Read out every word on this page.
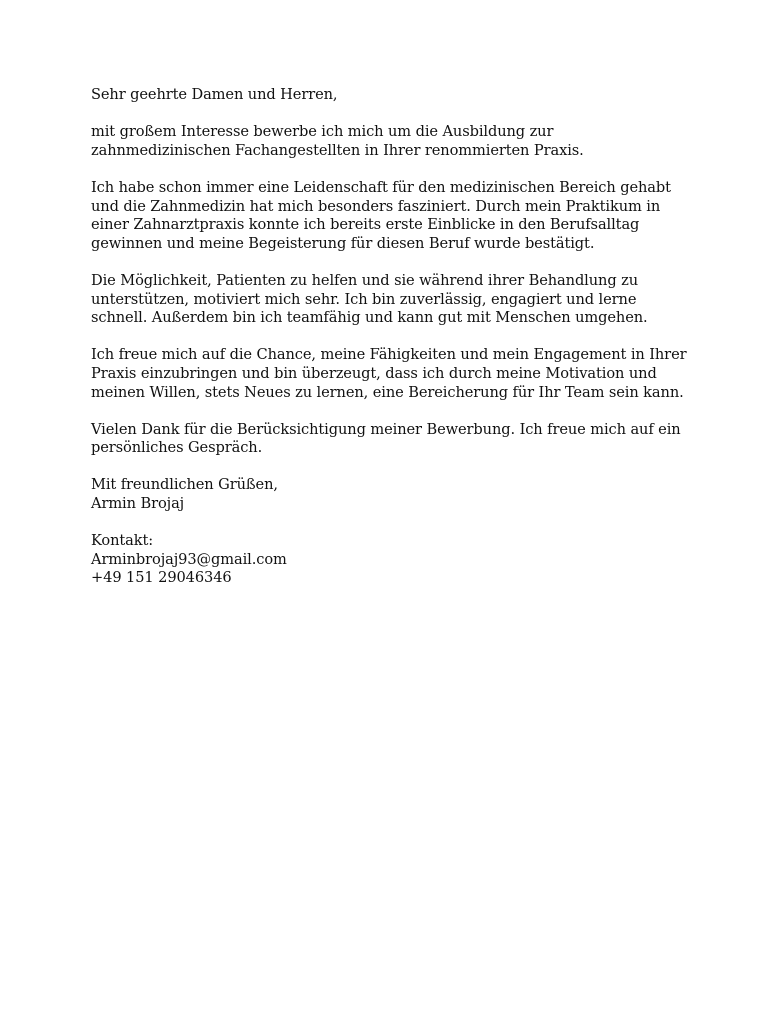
Sehr geehrte Damen und Herren,
mit großem Interesse bewerbe ich mich um die Ausbildung zur
zahnmedizinischen Fachangestellten in Ihrer renommierten Praxis.
Ich habe schon immer eine Leidenschaft für den medizinischen Bereich gehabt
und die Zahnmedizin hat mich besonders fasziniert. Durch mein Praktikum in
einer Zahnarztpraxis konnte ich bereits erste Einblicke in den Berufsalltag
gewinnen und meine Begeisterung für diesen Beruf wurde bestätigt.
Die Möglichkeit, Patienten zu helfen und sie während ihrer Behandlung zu
unterstützen, motiviert mich sehr. Ich bin zuverlässig, engagiert und lerne
schnell. Außerdem bin ich teamfähig und kann gut mit Menschen umgehen.
Ich freue mich auf die Chance, meine Fähigkeiten und mein Engagement in Ihrer
Praxis einzubringen und bin überzeugt, dass ich durch meine Motivation und
meinen Willen, stets Neues zu lernen, eine Bereicherung für Ihr Team sein kann.
Vielen Dank für die Berücksichtigung meiner Bewerbung. Ich freue mich auf ein
persönliches Gespräch.
Mit freundlichen Grüßen,
Armin Brojaj
Kontakt:
Arminbrojaj93@gmail.com
+49 151 29046346
